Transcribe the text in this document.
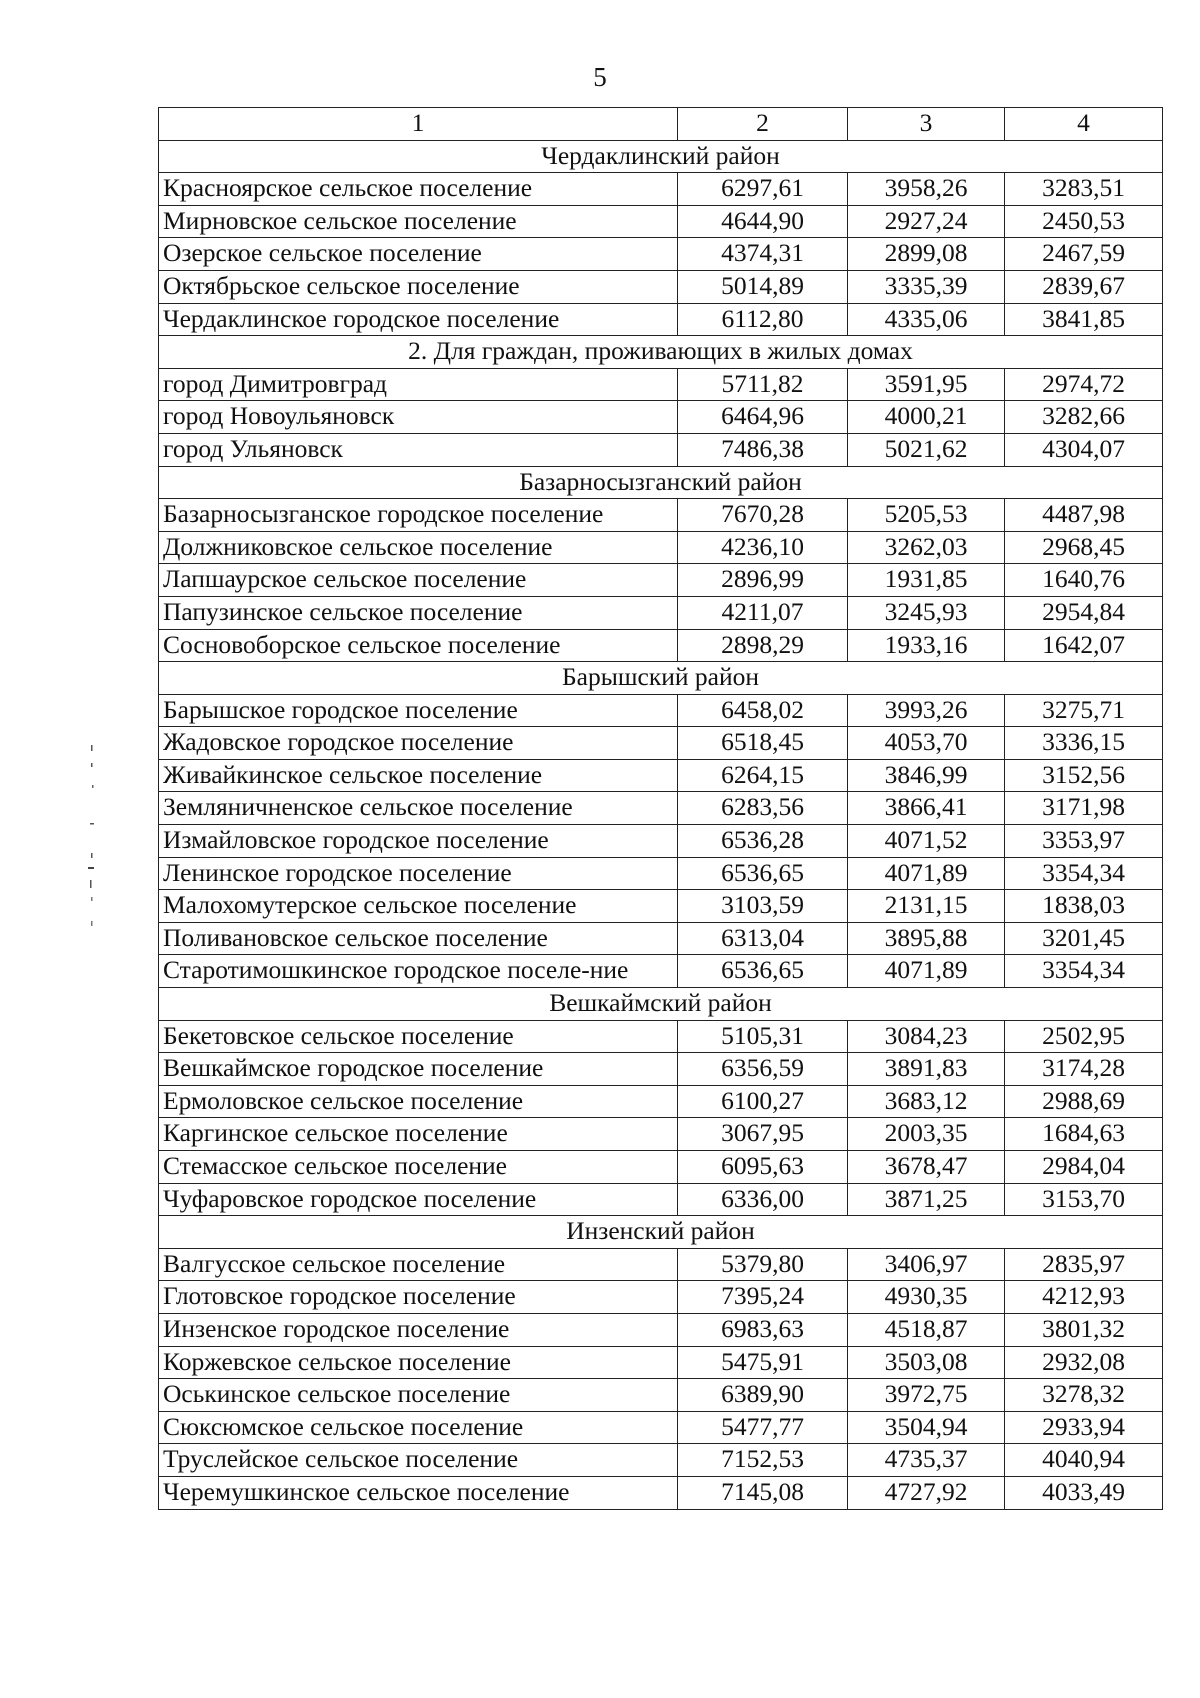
5
1	2	3	4
Чердаклинский район			
Красноярское сельское поселение	6297,61	3958,26	3283,51
Мирновское сельское поселение	4644,90	2927,24	2450,53
Озерское сельское поселение	4374,31	2899,08	2467,59
Октябрьское сельское поселение	5014,89	3335,39	2839,67
Чердаклинское городское поселение	6112,80	4335,06	3841,85
2. Для граждан, проживающих в жилых домах			
город Димитровград	5711,82	3591,95	2974,72
город Новоульяновск	6464,96	4000,21	3282,66
город Ульяновск	7486,38	5021,62	4304,07
Базарносызганский район			
Базарносызганское городское поселение	7670,28	5205,53	4487,98
Должниковское сельское поселение	4236,10	3262,03	2968,45
Лапшаурское сельское поселение	2896,99	1931,85	1640,76
Папузинское сельское поселение	4211,07	3245,93	2954,84
Сосновоборское сельское поселение	2898,29	1933,16	1642,07
Барышский район			
Барышское городское поселение	6458,02	3993,26	3275,71
Жадовское городское поселение	6518,45	4053,70	3336,15
Живайкинское сельское поселение	6264,15	3846,99	3152,56
Земляничненское сельское поселение	6283,56	3866,41	3171,98
Измайловское городское поселение	6536,28	4071,52	3353,97
Ленинское городское поселение	6536,65	4071,89	3354,34
Малохомутерское сельское поселение	3103,59	2131,15	1838,03
Поливановское сельское поселение	6313,04	3895,88	3201,45
Старотимошкинское городское поселе-ние	6536,65	4071,89	3354,34
Вешкаймский район			
Бекетовское сельское поселение	5105,31	3084,23	2502,95
Вешкаймское городское поселение	6356,59	3891,83	3174,28
Ермоловское сельское поселение	6100,27	3683,12	2988,69
Каргинское сельское поселение	3067,95	2003,35	1684,63
Стемасское сельское поселение	6095,63	3678,47	2984,04
Чуфаровское городское поселение	6336,00	3871,25	3153,70
Инзенский район			
Валгусское сельское поселение	5379,80	3406,97	2835,97
Глотовское городское поселение	7395,24	4930,35	4212,93
Инзенское городское поселение	6983,63	4518,87	3801,32
Коржевское сельское поселение	5475,91	3503,08	2932,08
Оськинское сельское поселение	6389,90	3972,75	3278,32
Сюксюмское сельское поселение	5477,77	3504,94	2933,94
Труслейское сельское поселение	7152,53	4735,37	4040,94
Черемушкинское сельское поселение	7145,08	4727,92	4033,49
